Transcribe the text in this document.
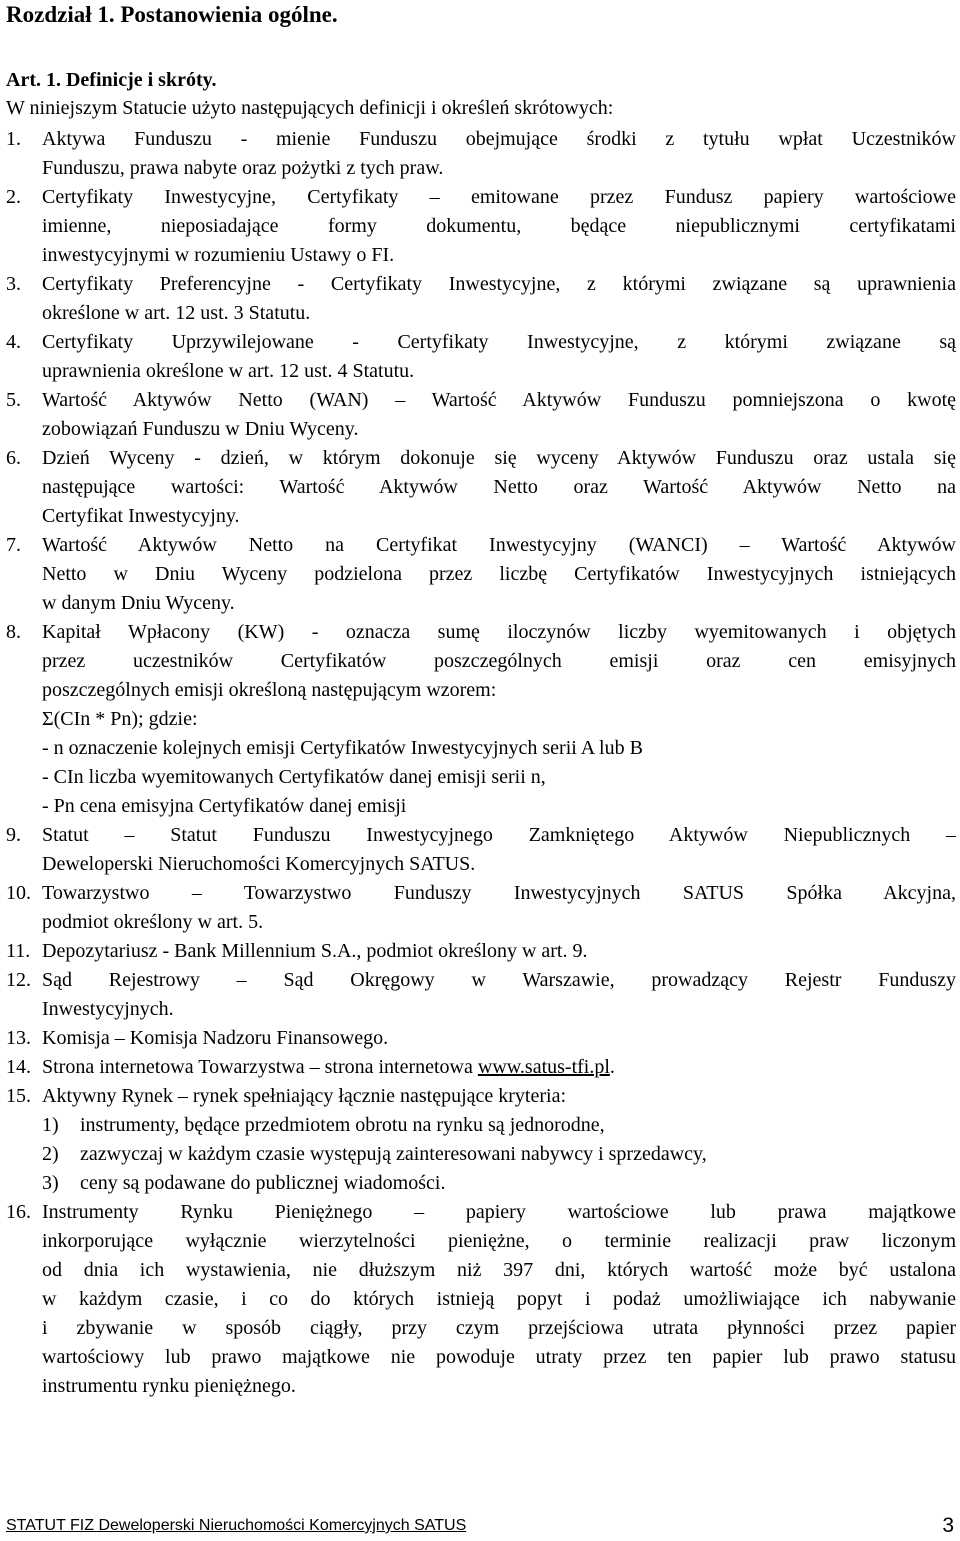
Rozdział 1. Postanowienia ogólne.
Art. 1. Definicje i skróty.
W niniejszym Statucie użyto następujących definicji i określeń skrótowych:
1.	Aktywa Funduszu - mienie Funduszu obejmujące środki z tytułu wpłat Uczestników
Funduszu, prawa nabyte oraz pożytki z tych praw.
2.	Certyfikaty Inwestycyjne, Certyfikaty – emitowane przez Fundusz papiery wartościowe
imienne, nieposiadające formy dokumentu, będące niepublicznymi certyfikatami
inwestycyjnymi w rozumieniu Ustawy o FI.
3.	Certyfikaty Preferencyjne - Certyfikaty Inwestycyjne, z którymi związane są uprawnienia
określone w art. 12 ust. 3 Statutu.
4.	Certyfikaty Uprzywilejowane - Certyfikaty Inwestycyjne, z którymi związane są
uprawnienia określone w art. 12 ust. 4 Statutu.
5.	Wartość Aktywów Netto (WAN) – Wartość Aktywów Funduszu pomniejszona o kwotę
zobowiązań Funduszu w Dniu Wyceny.
6.	Dzień Wyceny - dzień, w którym dokonuje się wyceny Aktywów Funduszu oraz ustala się
następujące wartości: Wartość Aktywów Netto oraz Wartość Aktywów Netto na
Certyfikat Inwestycyjny.
7.	Wartość Aktywów Netto na Certyfikat Inwestycyjny (WANCI) – Wartość Aktywów
Netto w Dniu Wyceny podzielona przez liczbę Certyfikatów Inwestycyjnych istniejących
w danym Dniu Wyceny.
8.	Kapitał Wpłacony (KW) - oznacza sumę iloczynów liczby wyemitowanych i objętych
przez uczestników Certyfikatów poszczególnych emisji oraz cen emisyjnych
poszczególnych emisji określoną następującym wzorem:
Σ(CIn * Pn); gdzie:
- n oznaczenie kolejnych emisji Certyfikatów Inwestycyjnych serii A lub B
- CIn liczba wyemitowanych Certyfikatów danej emisji serii n,
- Pn cena emisyjna Certyfikatów danej emisji
9.	Statut – Statut Funduszu Inwestycyjnego Zamkniętego Aktywów Niepublicznych –
Deweloperski Nieruchomości Komercyjnych SATUS.
10. Towarzystwo – Towarzystwo Funduszy Inwestycyjnych SATUS Spółka Akcyjna,
podmiot określony w art. 5.
11. Depozytariusz - Bank Millennium S.A., podmiot określony w art. 9.
12. Sąd Rejestrowy – Sąd Okręgowy w Warszawie, prowadzący Rejestr Funduszy
Inwestycyjnych.
13. Komisja – Komisja Nadzoru Finansowego.
14. Strona internetowa Towarzystwa – strona internetowa www.satus-tfi.pl.
15. Aktywny Rynek – rynek spełniający łącznie następujące kryteria:
1)	instrumenty, będące przedmiotem obrotu na rynku są jednorodne,
2)	zazwyczaj w każdym czasie występują zainteresowani nabywcy i sprzedawcy,
3)	ceny są podawane do publicznej wiadomości.
16. Instrumenty Rynku Pieniężnego – papiery wartościowe lub prawa majątkowe
inkorporujące wyłącznie wierzytelności pieniężne, o terminie realizacji praw liczonym
od dnia ich wystawienia, nie dłuższym niż 397 dni, których wartość może być ustalona
w każdym czasie, i co do których istnieją popyt i podaż umożliwiające ich nabywanie
i zbywanie w sposób ciągły, przy czym przejściowa utrata płynności przez papier
wartościowy lub prawo majątkowe nie powoduje utraty przez ten papier lub prawo statusu
instrumentu rynku pieniężnego.
STATUT FIZ Deweloperski Nieruchomości Komercyjnych SATUS	3
